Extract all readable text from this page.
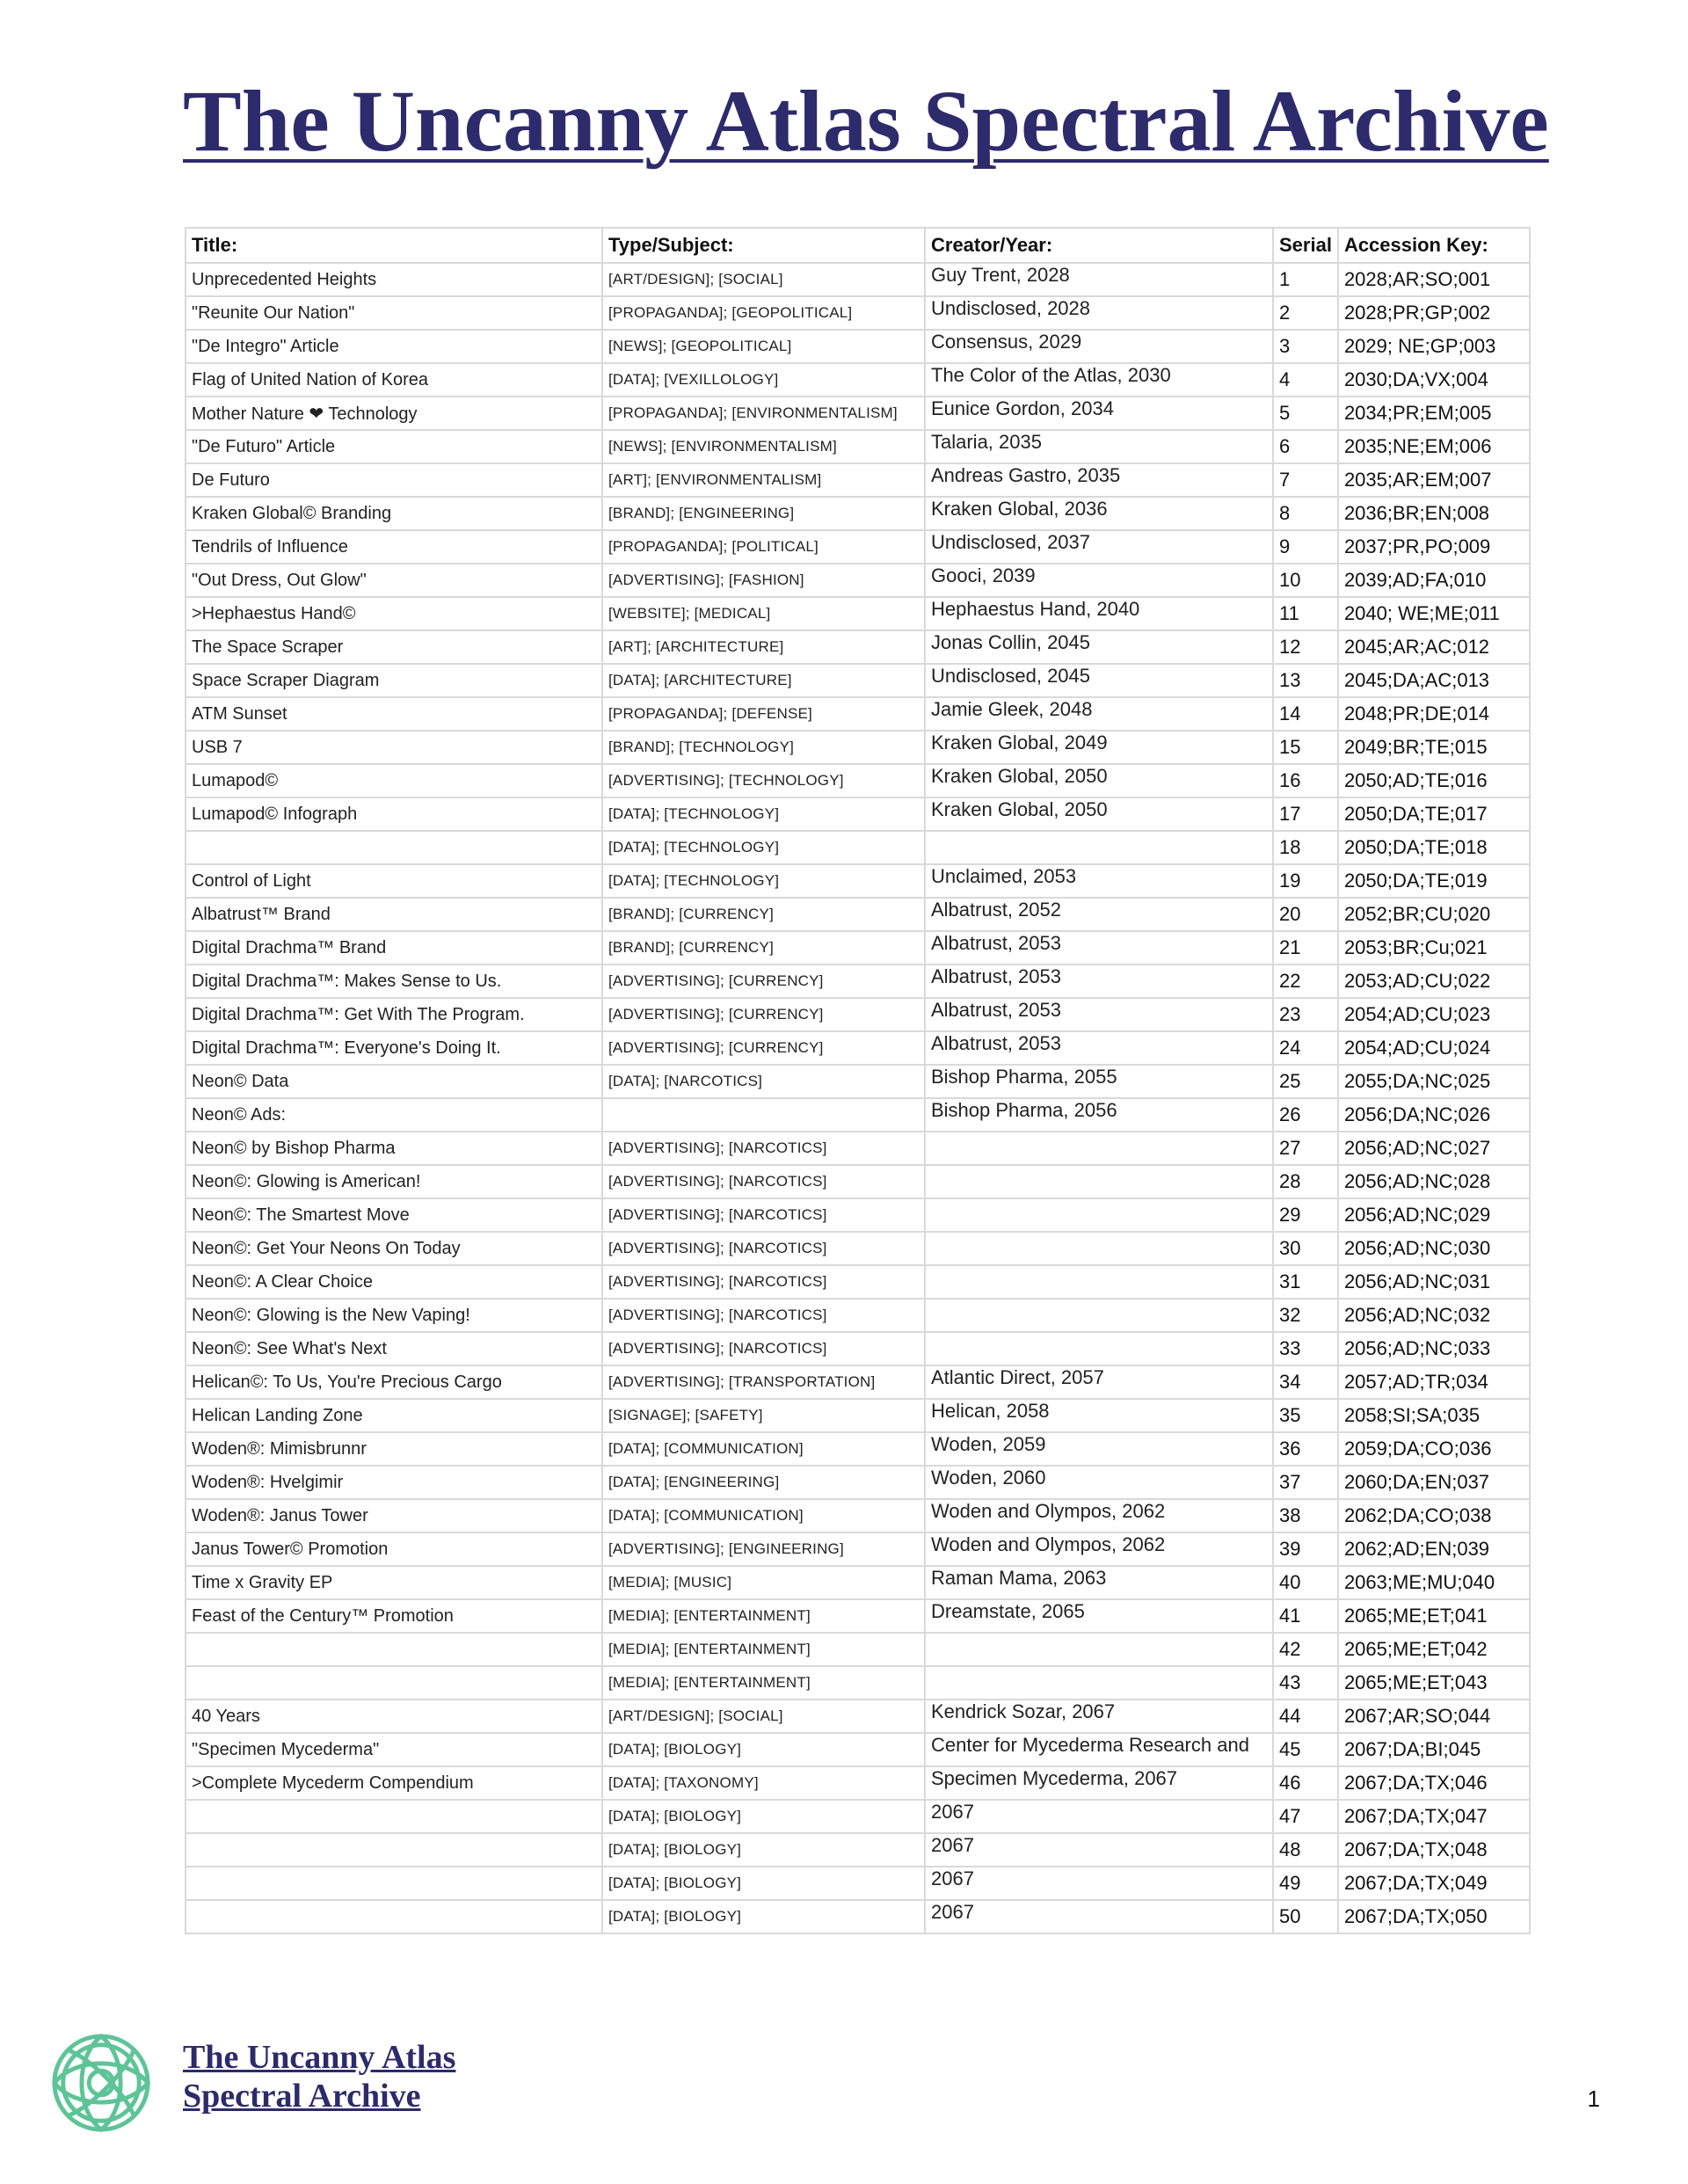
The Uncanny Atlas Spectral Archive
Title:	Type/Subject:	Creator/Year:	Serial	Accession Key:
Unprecedented Heights	[ART/DESIGN]; [SOCIAL]	Guy Trent, 2028	1	2028;AR;SO;001
"Reunite Our Nation"	[PROPAGANDA]; [GEOPOLITICAL]	Undisclosed, 2028	2	2028;PR;GP;002
"De Integro" Article	[NEWS]; [GEOPOLITICAL]	Consensus, 2029	3	2029; NE;GP;003
Flag of United Nation of Korea	[DATA]; [VEXILLOLOGY]	The Color of the Atlas, 2030	4	2030;DA;VX;004
Mother Nature ❤ Technology	[PROPAGANDA]; [ENVIRONMENTALISM]	Eunice Gordon, 2034	5	2034;PR;EM;005
"De Futuro" Article	[NEWS]; [ENVIRONMENTALISM]	Talaria, 2035	6	2035;NE;EM;006
De Futuro	[ART]; [ENVIRONMENTALISM]	Andreas Gastro, 2035	7	2035;AR;EM;007
Kraken Global© Branding	[BRAND]; [ENGINEERING]	Kraken Global, 2036	8	2036;BR;EN;008
Tendrils of Influence	[PROPAGANDA]; [POLITICAL]	Undisclosed, 2037	9	2037;PR,PO;009
"Out Dress, Out Glow"	[ADVERTISING]; [FASHION]	Gooci, 2039	10	2039;AD;FA;010
>Hephaestus Hand©	[WEBSITE]; [MEDICAL]	Hephaestus Hand, 2040	11	2040; WE;ME;011
The Space Scraper	[ART]; [ARCHITECTURE]	Jonas Collin, 2045	12	2045;AR;AC;012
Space Scraper Diagram	[DATA]; [ARCHITECTURE]	Undisclosed, 2045	13	2045;DA;AC;013
ATM Sunset	[PROPAGANDA]; [DEFENSE]	Jamie Gleek, 2048	14	2048;PR;DE;014
USB 7	[BRAND]; [TECHNOLOGY]	Kraken Global, 2049	15	2049;BR;TE;015
Lumapod©	[ADVERTISING]; [TECHNOLOGY]	Kraken Global, 2050	16	2050;AD;TE;016
Lumapod© Infograph	[DATA]; [TECHNOLOGY]	Kraken Global, 2050	17	2050;DA;TE;017
	[DATA]; [TECHNOLOGY]		18	2050;DA;TE;018
Control of Light	[DATA]; [TECHNOLOGY]	Unclaimed, 2053	19	2050;DA;TE;019
Albatrust™ Brand	[BRAND]; [CURRENCY]	Albatrust, 2052	20	2052;BR;CU;020
Digital Drachma™ Brand	[BRAND]; [CURRENCY]	Albatrust, 2053	21	2053;BR;Cu;021
Digital Drachma™: Makes Sense to Us.	[ADVERTISING]; [CURRENCY]	Albatrust, 2053	22	2053;AD;CU;022
Digital Drachma™: Get With The Program.	[ADVERTISING]; [CURRENCY]	Albatrust, 2053	23	2054;AD;CU;023
Digital Drachma™: Everyone's Doing It.	[ADVERTISING]; [CURRENCY]	Albatrust, 2053	24	2054;AD;CU;024
Neon© Data	[DATA]; [NARCOTICS]	Bishop Pharma, 2055	25	2055;DA;NC;025
Neon© Ads:		Bishop Pharma, 2056	26	2056;DA;NC;026
Neon© by Bishop Pharma	[ADVERTISING]; [NARCOTICS]		27	2056;AD;NC;027
Neon©: Glowing is American!	[ADVERTISING]; [NARCOTICS]		28	2056;AD;NC;028
Neon©: The Smartest Move	[ADVERTISING]; [NARCOTICS]		29	2056;AD;NC;029
Neon©: Get Your Neons On Today	[ADVERTISING]; [NARCOTICS]		30	2056;AD;NC;030
Neon©: A Clear Choice	[ADVERTISING]; [NARCOTICS]		31	2056;AD;NC;031
Neon©: Glowing is the New Vaping!	[ADVERTISING]; [NARCOTICS]		32	2056;AD;NC;032
Neon©: See What's Next	[ADVERTISING]; [NARCOTICS]		33	2056;AD;NC;033
Helican©: To Us, You're Precious Cargo	[ADVERTISING]; [TRANSPORTATION]	Atlantic Direct, 2057	34	2057;AD;TR;034
Helican Landing Zone	[SIGNAGE]; [SAFETY]	Helican, 2058	35	2058;SI;SA;035
Woden®: Mimisbrunnr	[DATA]; [COMMUNICATION]	Woden, 2059	36	2059;DA;CO;036
Woden®: Hvelgimir	[DATA]; [ENGINEERING]	Woden, 2060	37	2060;DA;EN;037
Woden®: Janus Tower	[DATA]; [COMMUNICATION]	Woden and Olympos, 2062	38	2062;DA;CO;038
Janus Tower© Promotion	[ADVERTISING]; [ENGINEERING]	Woden and Olympos, 2062	39	2062;AD;EN;039
Time x Gravity EP	[MEDIA]; [MUSIC]	Raman Mama, 2063	40	2063;ME;MU;040
Feast of the Century™ Promotion	[MEDIA]; [ENTERTAINMENT]	Dreamstate, 2065	41	2065;ME;ET;041
	[MEDIA]; [ENTERTAINMENT]		42	2065;ME;ET;042
	[MEDIA]; [ENTERTAINMENT]		43	2065;ME;ET;043
40 Years	[ART/DESIGN]; [SOCIAL]	Kendrick Sozar, 2067	44	2067;AR;SO;044
"Specimen Mycederma"	[DATA]; [BIOLOGY]	Center for Mycederma Research and	45	2067;DA;BI;045
>Complete Mycederm Compendium	[DATA]; [TAXONOMY]	Specimen Mycederma, 2067	46	2067;DA;TX;046
	[DATA]; [BIOLOGY]	2067	47	2067;DA;TX;047
	[DATA]; [BIOLOGY]	2067	48	2067;DA;TX;048
	[DATA]; [BIOLOGY]	2067	49	2067;DA;TX;049
	[DATA]; [BIOLOGY]	2067	50	2067;DA;TX;050
The Uncanny Atlas
Spectral Archive	1
